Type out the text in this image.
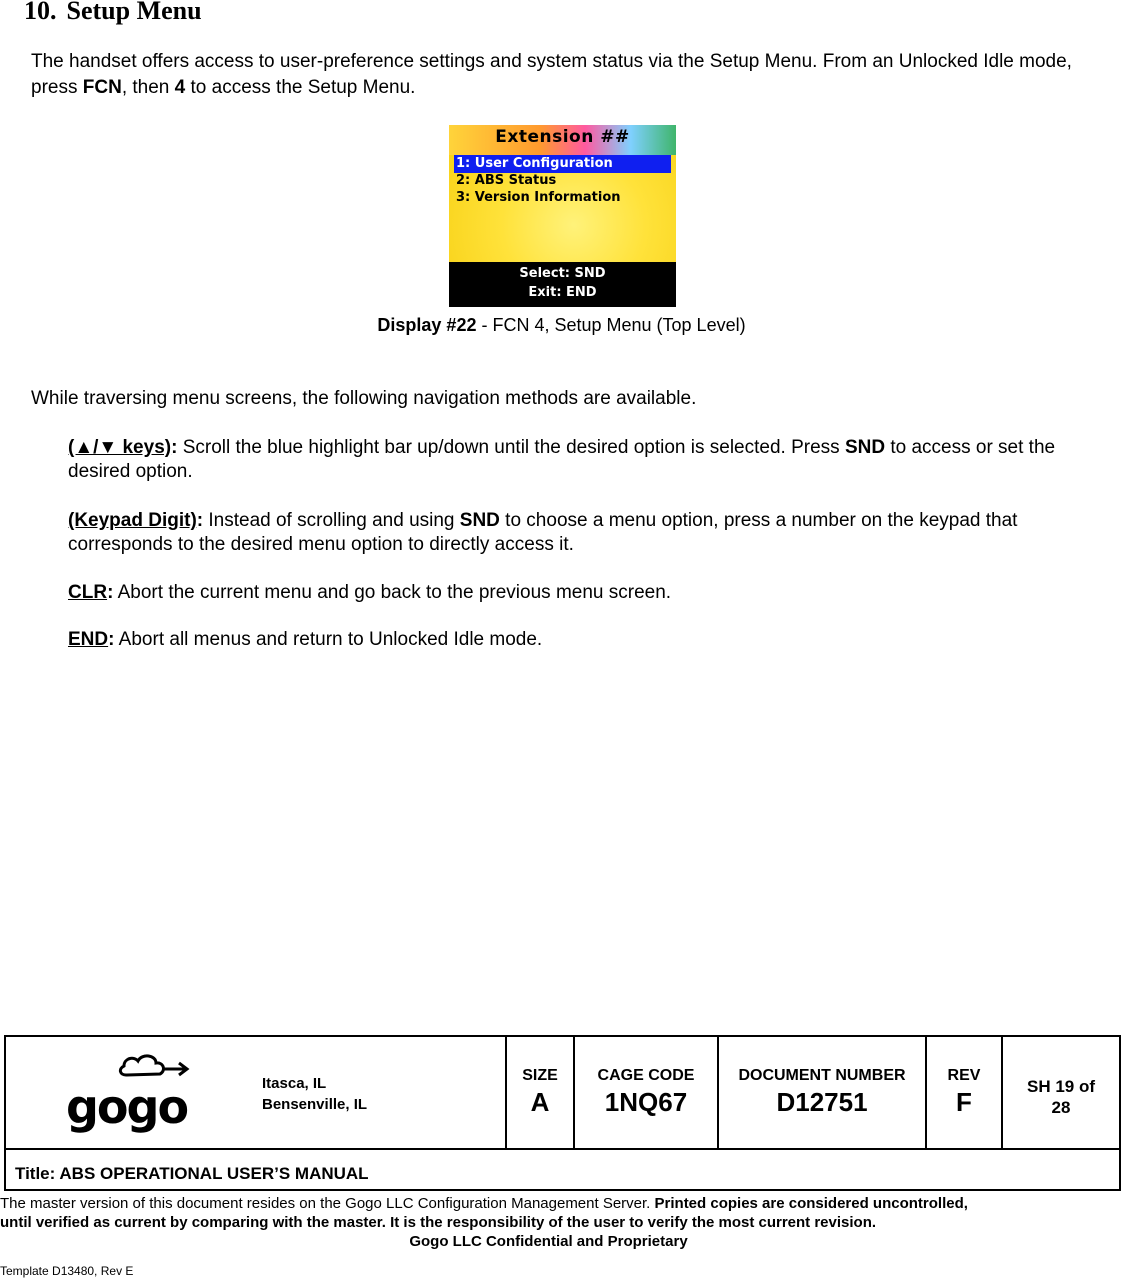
10. Setup Menu

The handset offers access to user-preference settings and system status via the Setup Menu. From an Unlocked Idle mode, press FCN, then 4 to access the Setup Menu.

Extension ##
1: User Configuration
2: ABS Status
3: Version Information
Select: SND
Exit: END
Display #22 - FCN 4, Setup Menu (Top Level)

While traversing menu screens, the following navigation methods are available.

(▲/▼ keys): Scroll the blue highlight bar up/down until the desired option is selected. Press SND to access or set the desired option.

(Keypad Digit): Instead of scrolling and using SND to choose a menu option, press a number on the keypad that corresponds to the desired menu option to directly access it.

CLR: Abort the current menu and go back to the previous menu screen.

END: Abort all menus and return to Unlocked Idle mode.

gogo	Itasca, IL
Bensenville, IL
SIZE
A
CAGE CODE
1NQ67
DOCUMENT NUMBER
D12751
REV
F
SH 19 of
28
Title: ABS OPERATIONAL USER’S MANUAL
The master version of this document resides on the Gogo LLC Configuration Management Server. Printed copies are considered uncontrolled,
until verified as current by comparing with the master. It is the responsibility of the user to verify the most current revision.
Gogo LLC Confidential and Proprietary
Template D13480, Rev E
